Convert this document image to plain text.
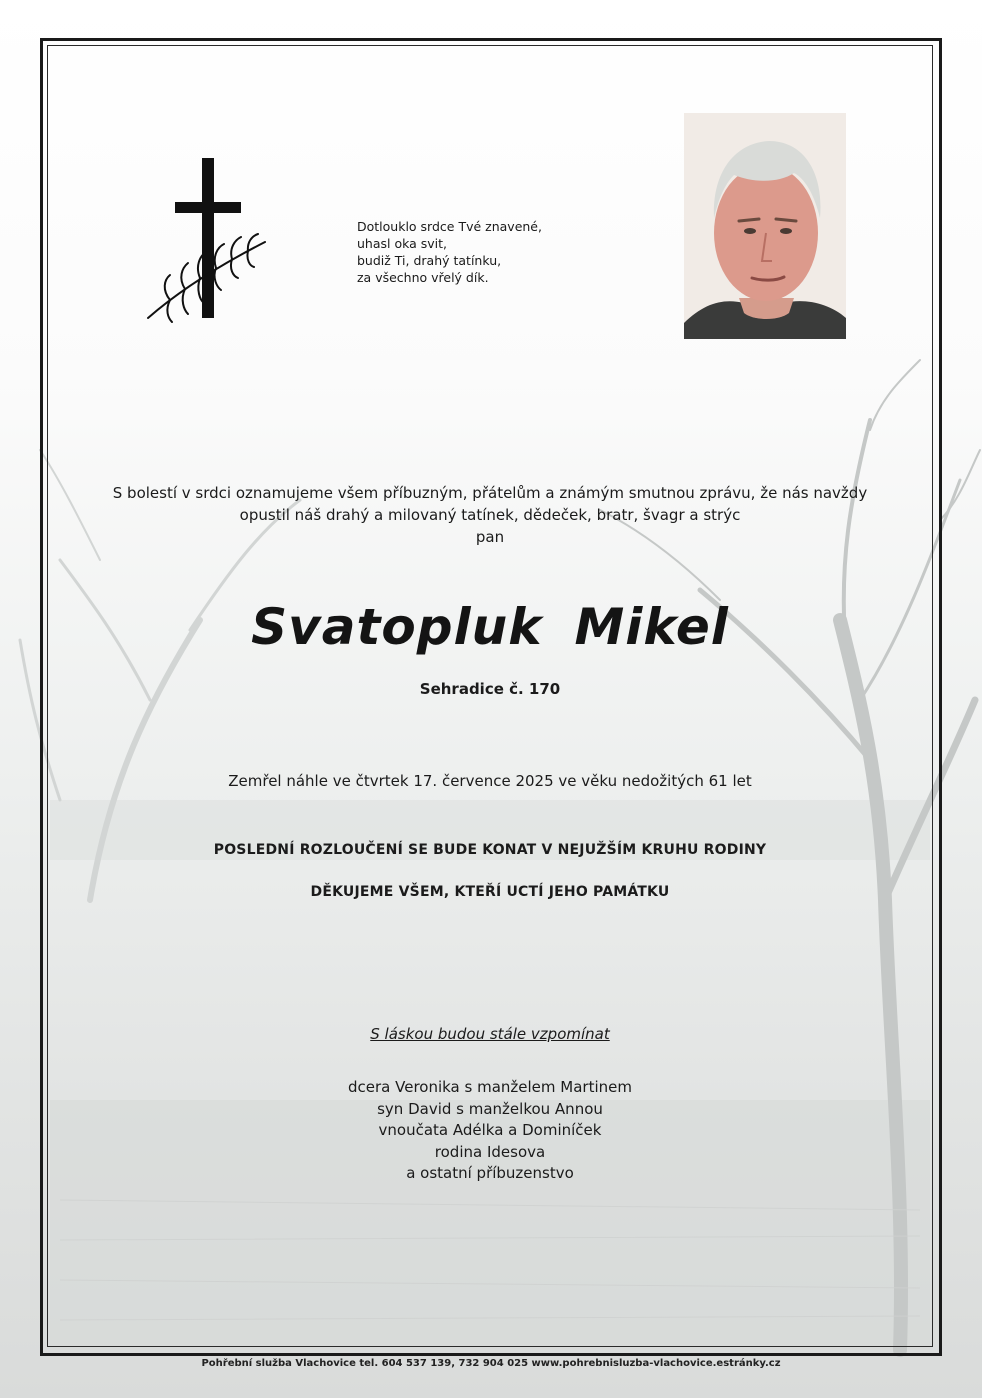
Dotlouklo srdce Tvé znavené,
uhasl oka svit,
budiž Ti, drahý tatínku,
za všechno vřelý dík.
S bolestí v srdci oznamujeme všem příbuzným, přátelům a známým smutnou zprávu, že nás navždy
opustil náš drahý a milovaný tatínek, dědeček, bratr, švagr a strýc
pan
Svatopluk Mikel
Sehradice č. 170
Zemřel náhle ve čtvrtek 17. července 2025 ve věku nedožitých 61 let
POSLEDNÍ ROZLOUČENÍ SE BUDE KONAT V NEJUŽŠÍM KRUHU RODINY
DĚKUJEME VŠEM, KTEŘÍ UCTÍ JEHO PAMÁTKU
S láskou budou stále vzpomínat
dcera Veronika s manželem Martinem
syn David s manželkou Annou
vnoučata Adélka a Dominíček
rodina Idesova
a ostatní příbuzenstvo
Pohřební služba Vlachovice tel. 604 537 139, 732 904 025 www.pohrebnisluzba-vlachovice.estránky.cz
